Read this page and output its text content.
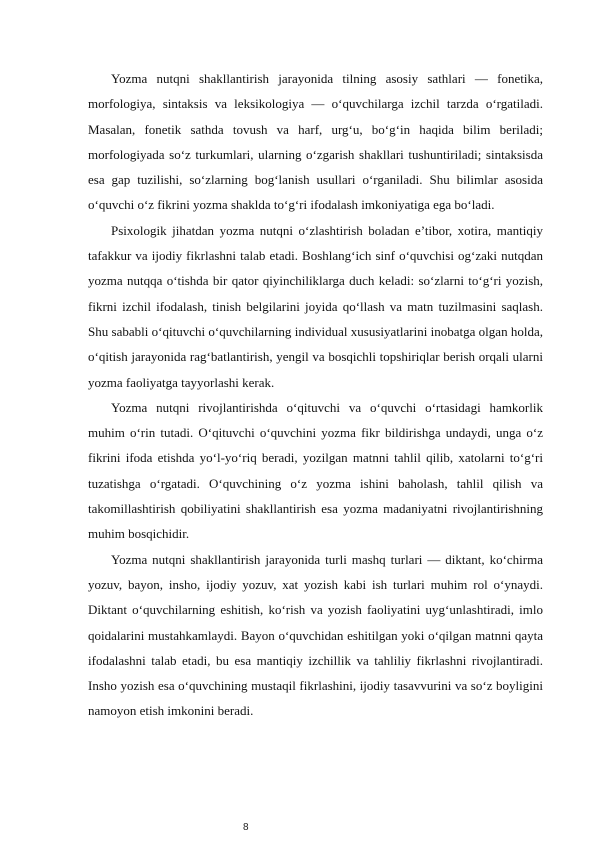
Yozma nutqni shakllantirish jarayonida tilning asosiy sathlari — fonetika, morfologiya, sintaksis va leksikologiya — o‘quvchilarga izchil tarzda o‘rgatiladi. Masalan, fonetik sathda tovush va harf, urg‘u, bo‘g‘in haqida bilim beriladi; morfologiyada so‘z turkumlari, ularning o‘zgarish shakllari tushuntiriladi; sintaksisda esa gap tuzilishi, so‘zlarning bog‘lanish usullari o‘rganiladi. Shu bilimlar asosida o‘quvchi o‘z fikrini yozma shaklda to‘g‘ri ifodalash imkoniyatiga ega bo‘ladi.

Psixologik jihatdan yozma nutqni o‘zlashtirish boladan e’tibor, xotira, mantiqiy tafakkur va ijodiy fikrlashni talab etadi. Boshlang‘ich sinf o‘quvchisi og‘zaki nutqdan yozma nutqqa o‘tishda bir qator qiyinchiliklarga duch keladi: so‘zlarni to‘g‘ri yozish, fikrni izchil ifodalash, tinish belgilarini joyida qo‘llash va matn tuzilmasini saqlash. Shu sababli o‘qituvchi o‘quvchilarning individual xususiyatlarini inobatga olgan holda, o‘qitish jarayonida rag‘batlantirish, yengil va bosqichli topshiriqlar berish orqali ularni yozma faoliyatga tayyorlashi kerak.

Yozma nutqni rivojlantirishda o‘qituvchi va o‘quvchi o‘rtasidagi hamkorlik muhim o‘rin tutadi. O‘qituvchi o‘quvchini yozma fikr bildirishga undaydi, unga o‘z fikrini ifoda etishda yo‘l-yo‘riq beradi, yozilgan matnni tahlil qilib, xatolarni to‘g‘ri tuzatishga o‘rgatadi. O‘quvchining o‘z yozma ishini baholash, tahlil qilish va takomillashtirish qobiliyatini shakllantirish esa yozma madaniyatni rivojlantirishning muhim bosqichidir.

Yozma nutqni shakllantirish jarayonida turli mashq turlari — diktant, ko‘chirma yozuv, bayon, insho, ijodiy yozuv, xat yozish kabi ish turlari muhim rol o‘ynaydi. Diktant o‘quvchilarning eshitish, ko‘rish va yozish faoliyatini uyg‘unlashtiradi, imlo qoidalarini mustahkamlaydi. Bayon o‘quvchidan eshitilgan yoki o‘qilgan matnni qayta ifodalashni talab etadi, bu esa mantiqiy izchillik va tahliliy fikrlashni rivojlantiradi. Insho yozish esa o‘quvchining mustaqil fikrlashini, ijodiy tasavvurini va so‘z boyligini namoyon etish imkonini beradi.

8
